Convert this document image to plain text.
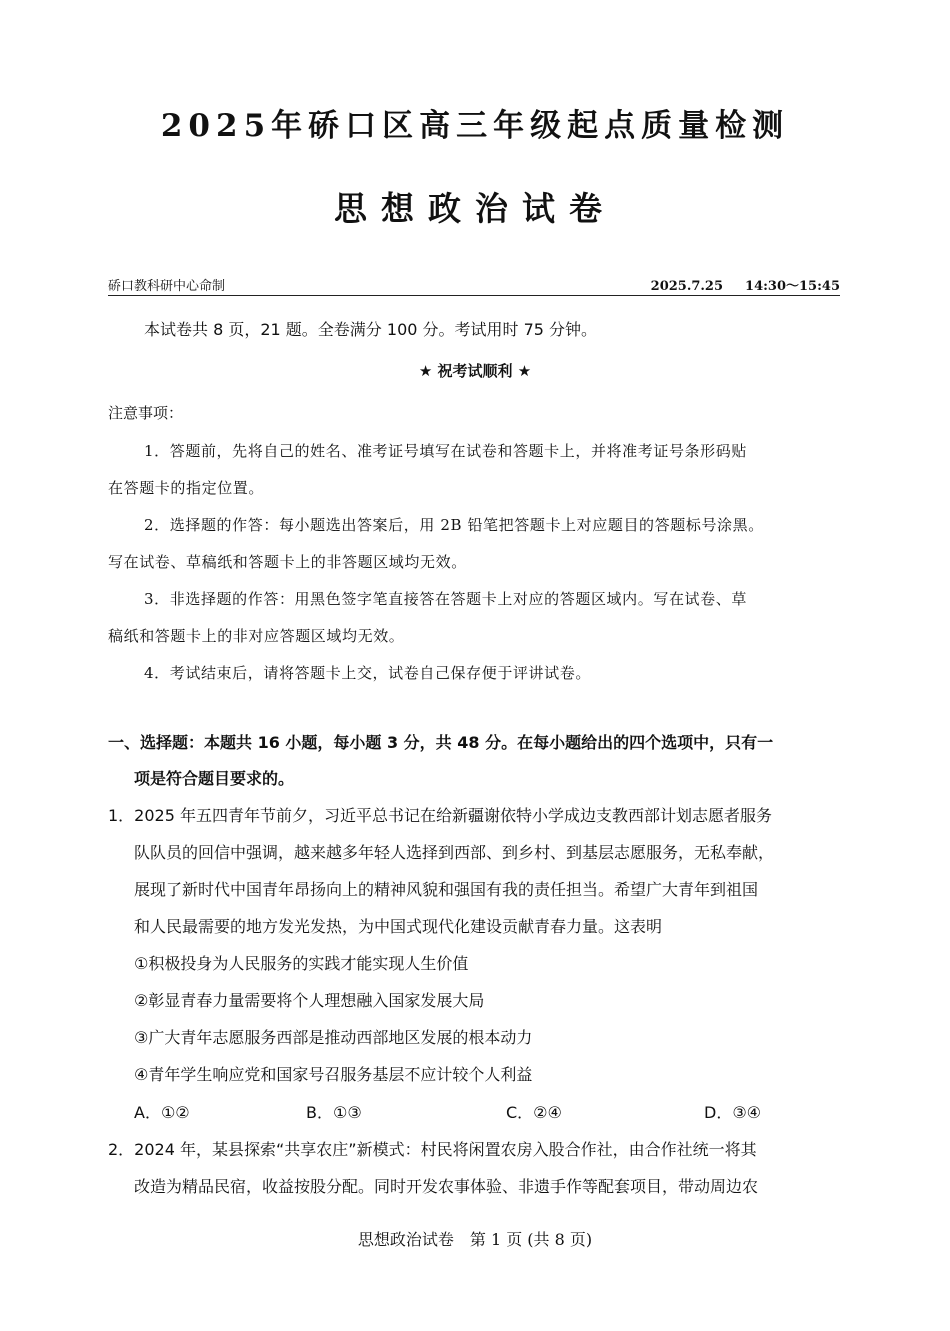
2025年硚口区高三年级起点质量检测
思想政治试卷
硚口教科研中心命制	2025.7.25 14:30～15:45
本试卷共 8 页，21 题。全卷满分 100 分。考试用时 75 分钟。
★ 祝考试顺利 ★
注意事项：
1．答题前，先将自己的姓名、准考证号填写在试卷和答题卡上，并将准考证号条形码贴
在答题卡的指定位置。
2．选择题的作答：每小题选出答案后，用 2B 铅笔把答题卡上对应题目的答题标号涂黑。
写在试卷、草稿纸和答题卡上的非答题区域均无效。
3．非选择题的作答：用黑色签字笔直接答在答题卡上对应的答题区域内。写在试卷、草
稿纸和答题卡上的非对应答题区域均无效。
4．考试结束后，请将答题卡上交，试卷自己保存便于评讲试卷。
一、选择题：本题共 16 小题，每小题 3 分，共 48 分。在每小题给出的四个选项中，只有一
项是符合题目要求的。
1．2025 年五四青年节前夕，习近平总书记在给新疆谢依特小学成边支教西部计划志愿者服务
队队员的回信中强调，越来越多年轻人选择到西部、到乡村、到基层志愿服务，无私奉献，
展现了新时代中国青年昂扬向上的精神风貌和强国有我的责任担当。希望广大青年到祖国
和人民最需要的地方发光发热，为中国式现代化建设贡献青春力量。这表明
①积极投身为人民服务的实践才能实现人生价值
②彰显青春力量需要将个人理想融入国家发展大局
③广大青年志愿服务西部是推动西部地区发展的根本动力
④青年学生响应党和国家号召服务基层不应计较个人利益
A．①②	B．①③	C．②④	D．③④
2．2024 年，某县探索“共享农庄”新模式：村民将闲置农房入股合作社，由合作社统一将其
改造为精品民宿，收益按股分配。同时开发农事体验、非遗手作等配套项目，带动周边农
思想政治试卷　第 1 页 (共 8 页)
